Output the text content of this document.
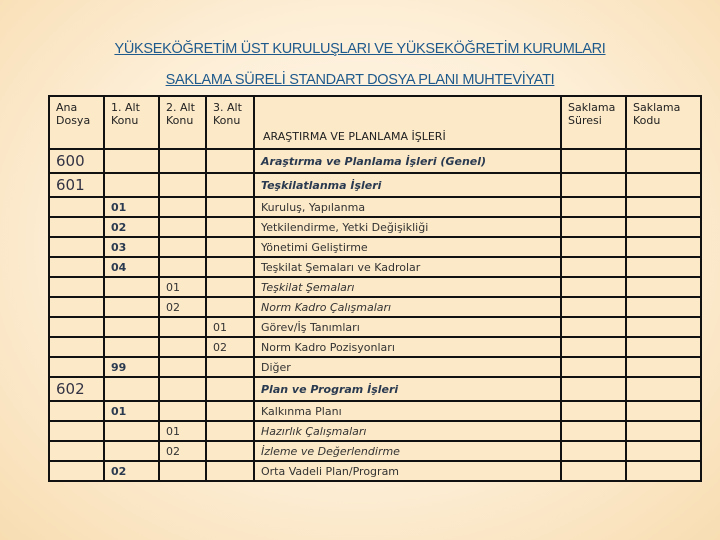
YÜKSEKÖĞRETİM ÜST KURULUŞLARI VE YÜKSEKÖĞRETİM KURUMLARI
SAKLAMA SÜRELİ STANDART DOSYA PLANI MUHTEVİYATI
Ana Dosya	1. Alt Konu	2. Alt Konu	3. Alt Konu	ARAŞTIRMA VE PLANLAMA İŞLERİ	Saklama Süresi	Saklama Kodu
600				Araştırma ve Planlama İşleri (Genel)		
601				Teşkilatlanma İşleri		
	01			Kuruluş, Yapılanma		
	02			Yetkilendirme, Yetki Değişikliği		
	03			Yönetimi Geliştirme		
	04			Teşkilat Şemaları ve Kadrolar		
		01		Teşkilat Şemaları		
		02		Norm Kadro Çalışmaları		
			01	Görev/İş Tanımları		
			02	Norm Kadro Pozisyonları		
	99			Diğer		
602				Plan ve Program İşleri		
	01			Kalkınma Planı		
		01		Hazırlık Çalışmaları		
		02		İzleme ve Değerlendirme		
	02			Orta Vadeli Plan/Program		
